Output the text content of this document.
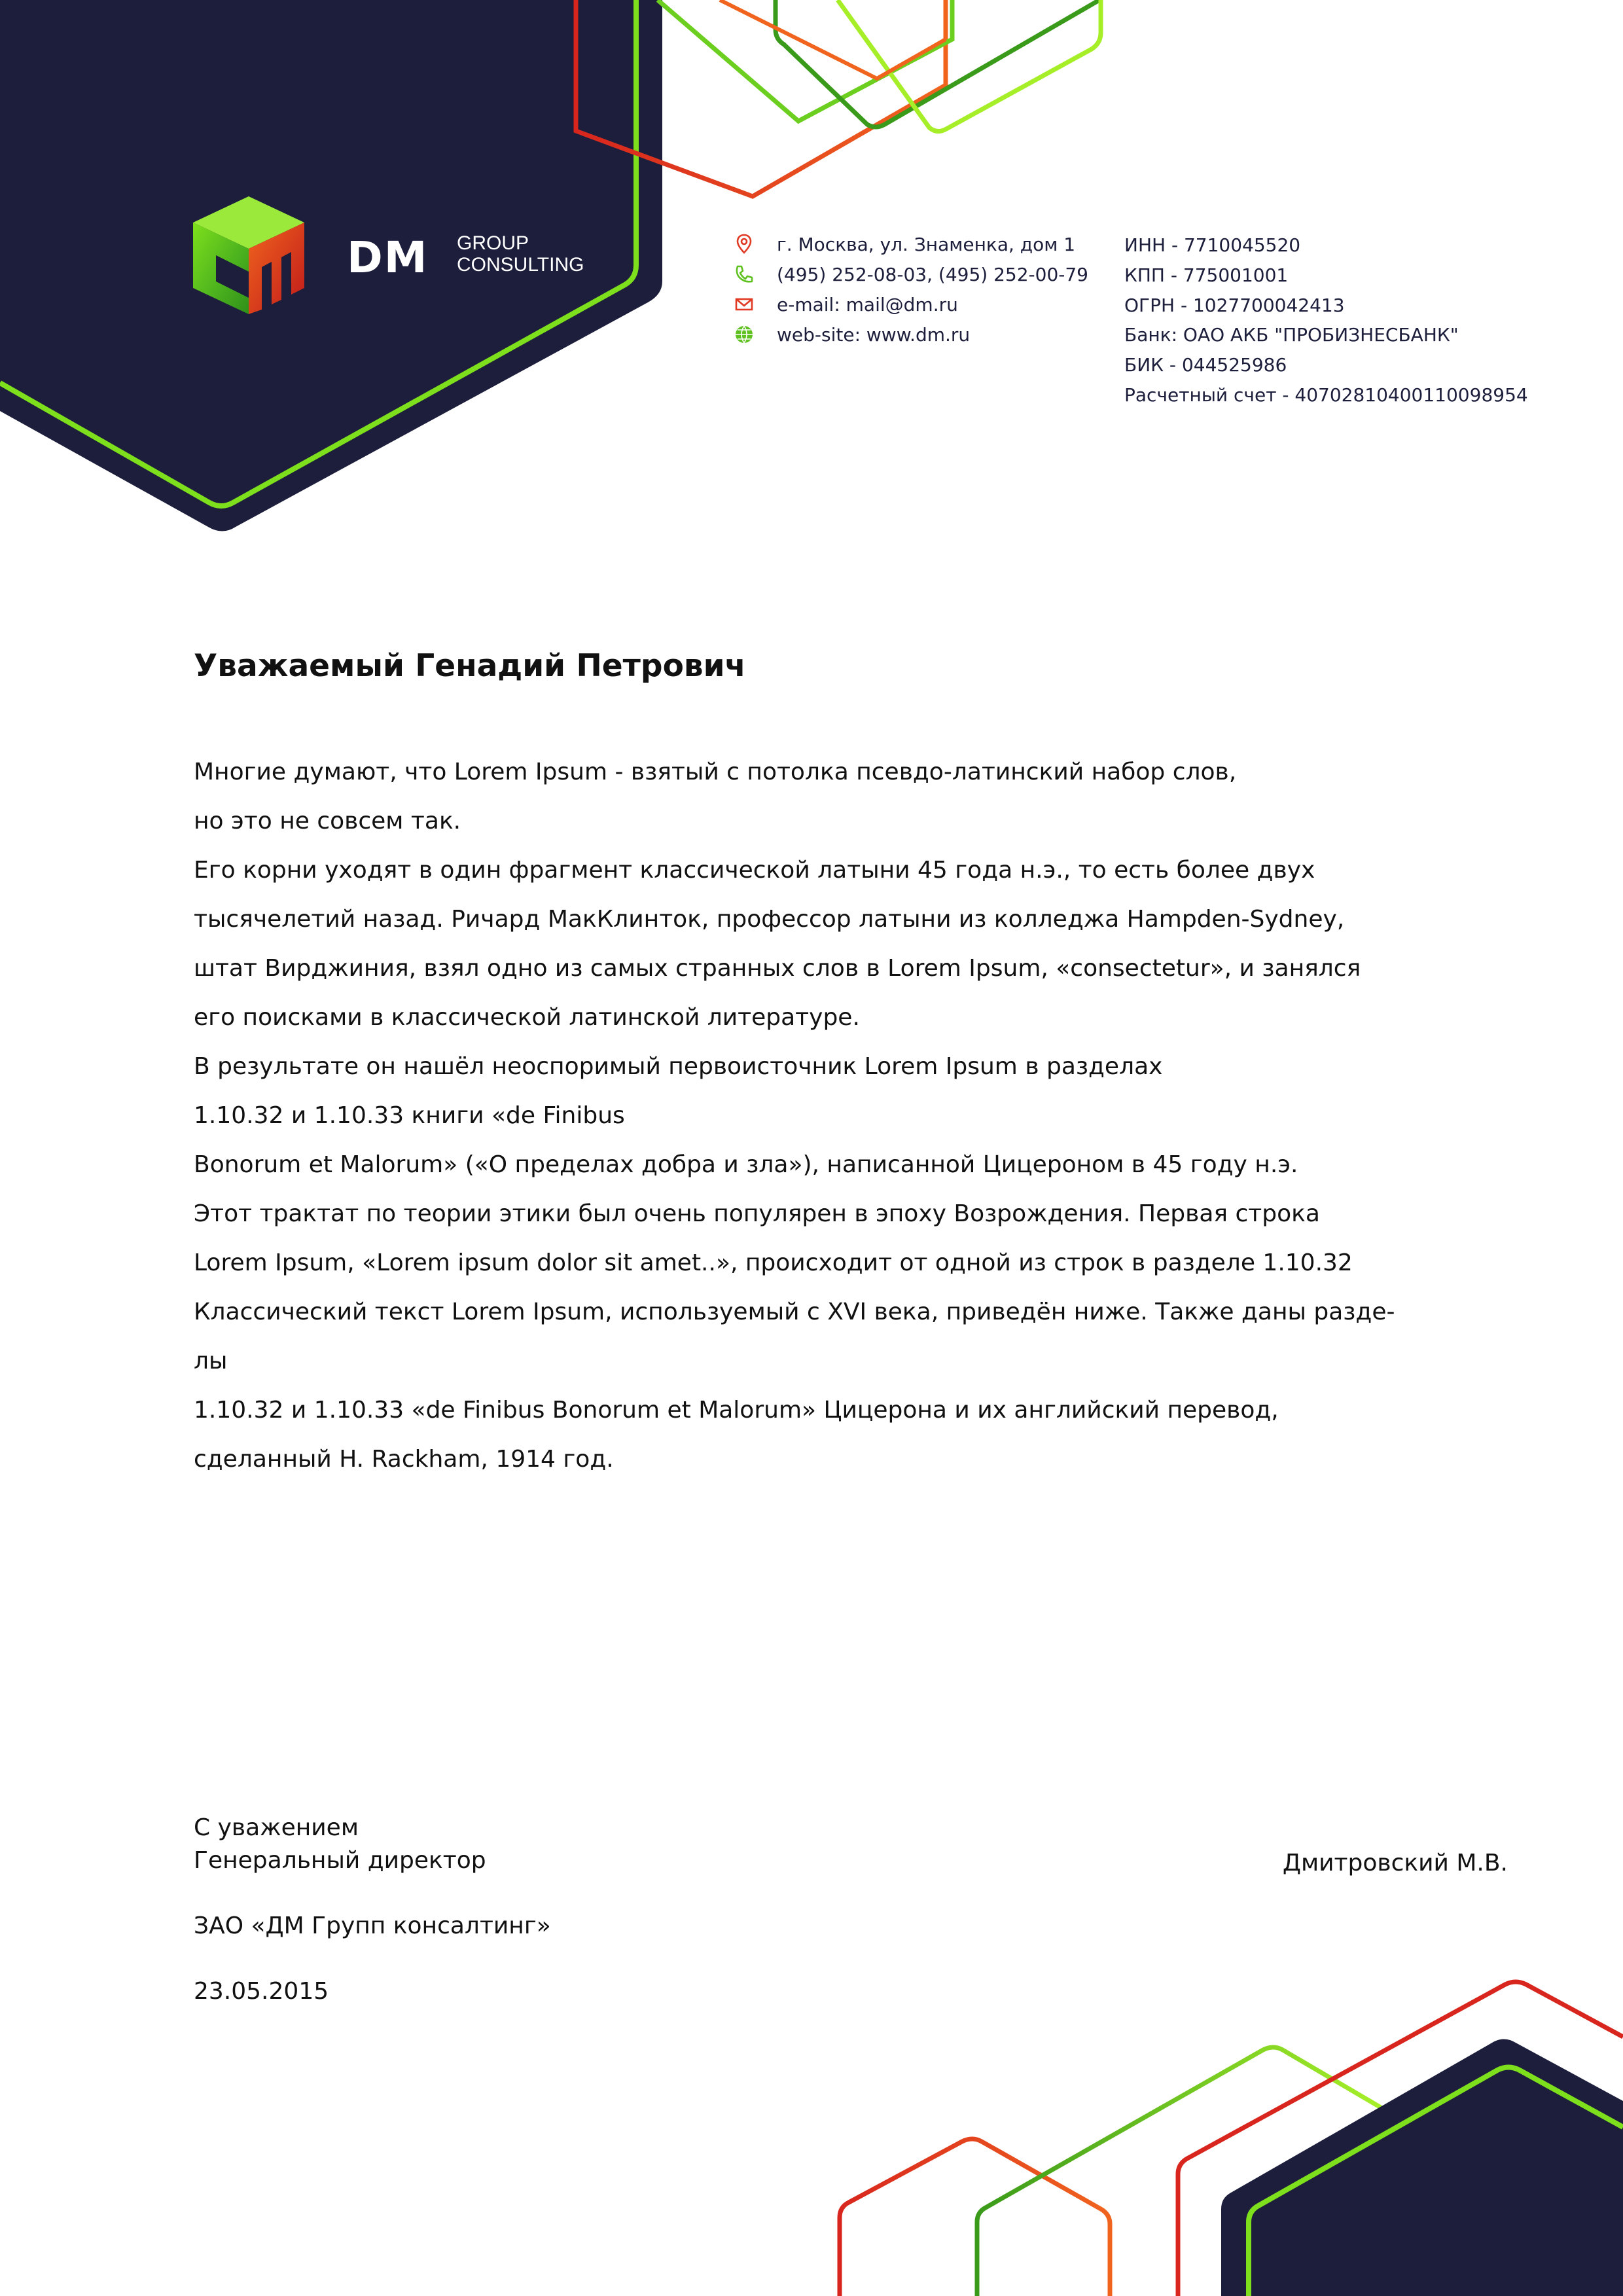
DM GROUP
CONSULTING
г. Москва, ул. Знаменка, дом 1
(495) 252-08-03, (495) 252-00-79
e-mail: mail@dm.ru
web-site: www.dm.ru
ИНН - 7710045520
КПП - 775001001
ОГРН - 1027700042413
Банк: ОАО АКБ "ПРОБИЗНЕСБАНК"
БИК - 044525986
Расчетный счет - 40702810400110098954
Уважаемый Генадий Петрович
Многие думают, что Lorem Ipsum - взятый с потолка псевдо-латинский набор слов,
но это не совсем так.
Его корни уходят в один фрагмент классической латыни 45 года н.э., то есть более двух
тысячелетий назад. Ричард МакКлинток, профессор латыни из колледжа Hampden-Sydney,
штат Вирджиния, взял одно из самых странных слов в Lorem Ipsum, «consectetur», и занялся
его поисками в классической латинской литературе.
В результате он нашёл неоспоримый первоисточник Lorem Ipsum в разделах
1.10.32 и 1.10.33 книги «de Finibus
Bonorum et Malorum» («О пределах добра и зла»), написанной Цицероном в 45 году н.э.
Этот трактат по теории этики был очень популярен в эпоху Возрождения. Первая строка
Lorem Ipsum, «Lorem ipsum dolor sit amet..», происходит от одной из строк в разделе 1.10.32
Классический текст Lorem Ipsum, используемый с XVI века, приведён ниже. Также даны разде-
лы
1.10.32 и 1.10.33 «de Finibus Bonorum et Malorum» Цицерона и их английский перевод,
сделанный H. Rackham, 1914 год.
С уважением
Генеральный директор	Дмитровский М.В.
ЗАО «ДМ Групп консалтинг»
23.05.2015
